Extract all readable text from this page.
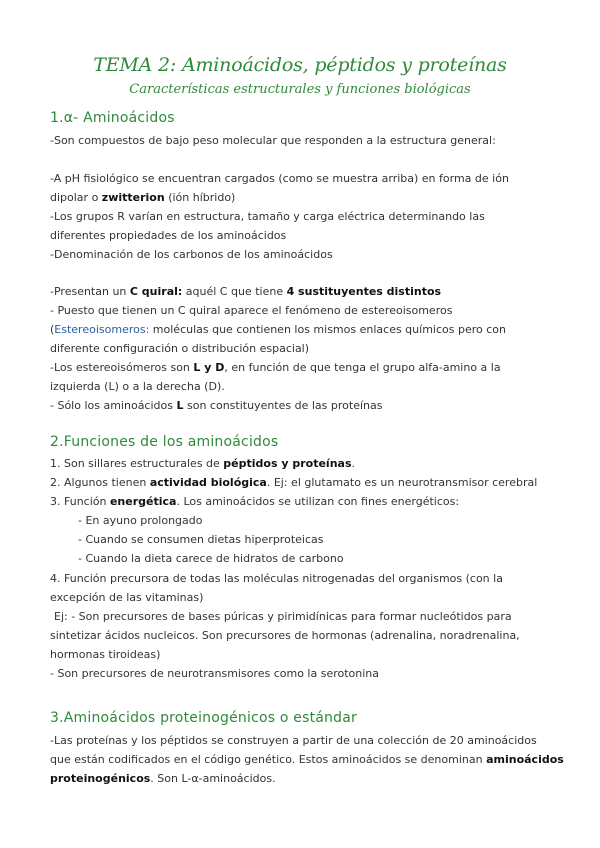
TEMA 2: Aminoácidos, péptidos y proteínas
Características estructurales y funciones biológicas
1.α- Aminoácidos
-Son compuestos de bajo peso molecular que responden a la estructura general:
-A pH fisiológico se encuentran cargados (como se muestra arriba) en forma de ión
dipolar o zwitterion (ión híbrido)
-Los grupos R varían en estructura, tamaño y carga eléctrica determinando las
diferentes propiedades de los aminoácidos
-Denominación de los carbonos de los aminoácidos
-Presentan un C quiral: aquél C que tiene 4 sustituyentes distintos
- Puesto que tienen un C quiral aparece el fenómeno de estereoisomeros
(Estereoisomeros: moléculas que contienen los mismos enlaces químicos pero con
diferente configuración o distribución espacial)
-Los estereoisómeros son L y D, en función de que tenga el grupo alfa-amino a la
izquierda (L) o a la derecha (D).
- Sólo los aminoácidos L son constituyentes de las proteínas
2.Funciones de los aminoácidos
1. Son sillares estructurales de péptidos y proteínas.
2. Algunos tienen actividad biológica. Ej: el glutamato es un neurotransmisor cerebral
3. Función energética. Los aminoácidos se utilizan con fines energéticos:
- En ayuno prolongado
- Cuando se consumen dietas hiperproteicas
- Cuando la dieta carece de hidratos de carbono
4. Función precursora de todas las moléculas nitrogenadas del organismos (con la
excepción de las vitaminas)
Ej: - Son precursores de bases púricas y pirimidínicas para formar nucleótidos para
sintetizar ácidos nucleicos. Son precursores de hormonas (adrenalina, noradrenalina,
hormonas tiroideas)
- Son precursores de neurotransmisores como la serotonina
3.Aminoácidos proteinogénicos o estándar
-Las proteínas y los péptidos se construyen a partir de una colección de 20 aminoácidos
que están codificados en el código genético. Estos aminoácidos se denominan aminoácidos
proteinogénicos. Son L-α-aminoácidos.
